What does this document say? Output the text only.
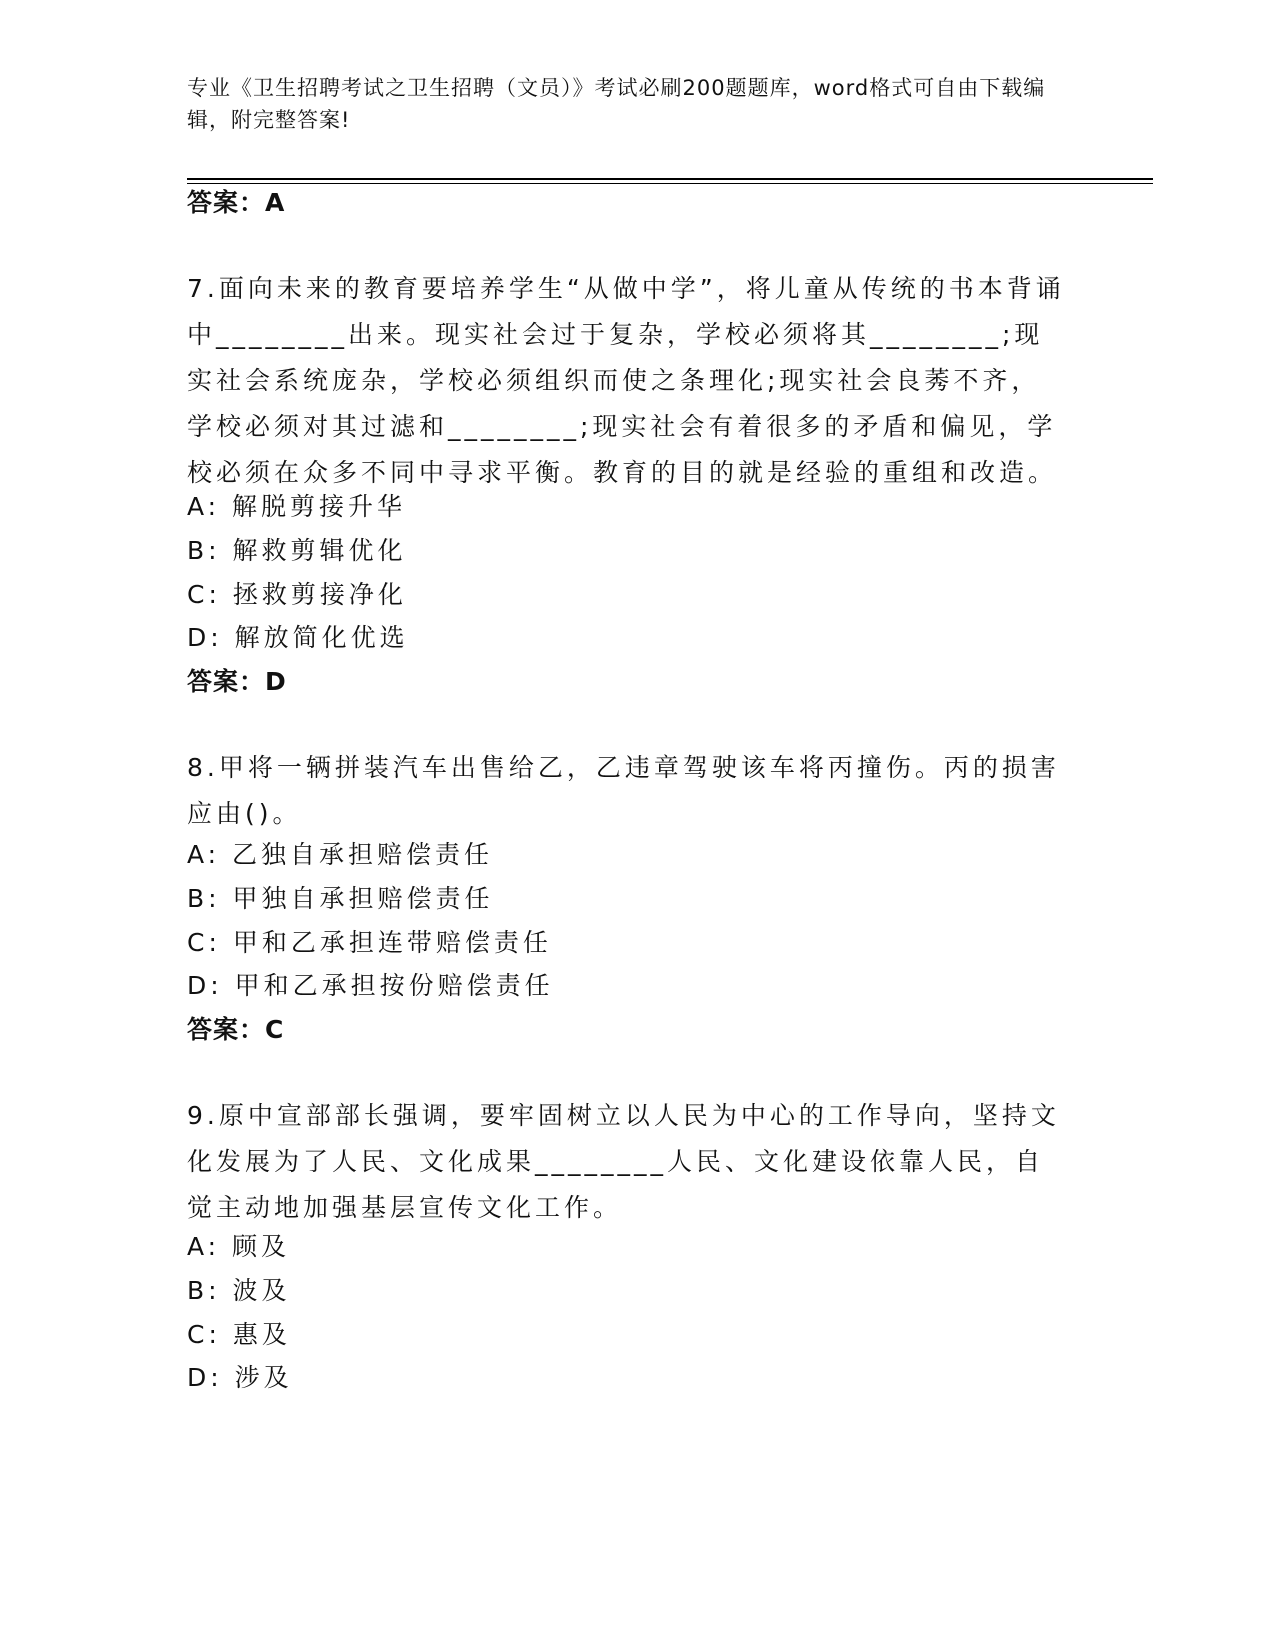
专业《卫生招聘考试之卫生招聘（文员）》考试必刷200题题库，word格式可自由下载编辑，附完整答案!
答案：A
7.面向未来的教育要培养学生“从做中学”，将儿童从传统的书本背诵中________出来。现实社会过于复杂，学校必须将其________;现实社会系统庞杂，学校必须组织而使之条理化;现实社会良莠不齐，学校必须对其过滤和________;现实社会有着很多的矛盾和偏见，学校必须在众多不同中寻求平衡。教育的目的就是经验的重组和改造。
A: 解脱剪接升华
B: 解救剪辑优化
C: 拯救剪接净化
D: 解放简化优选
答案：D
8.甲将一辆拼装汽车出售给乙，乙违章驾驶该车将丙撞伤。丙的损害应由()。
A: 乙独自承担赔偿责任
B: 甲独自承担赔偿责任
C: 甲和乙承担连带赔偿责任
D: 甲和乙承担按份赔偿责任
答案：C
9.原中宣部部长强调，要牢固树立以人民为中心的工作导向，坚持文化发展为了人民、文化成果________人民、文化建设依靠人民，自觉主动地加强基层宣传文化工作。
A: 顾及
B: 波及
C: 惠及
D: 涉及
